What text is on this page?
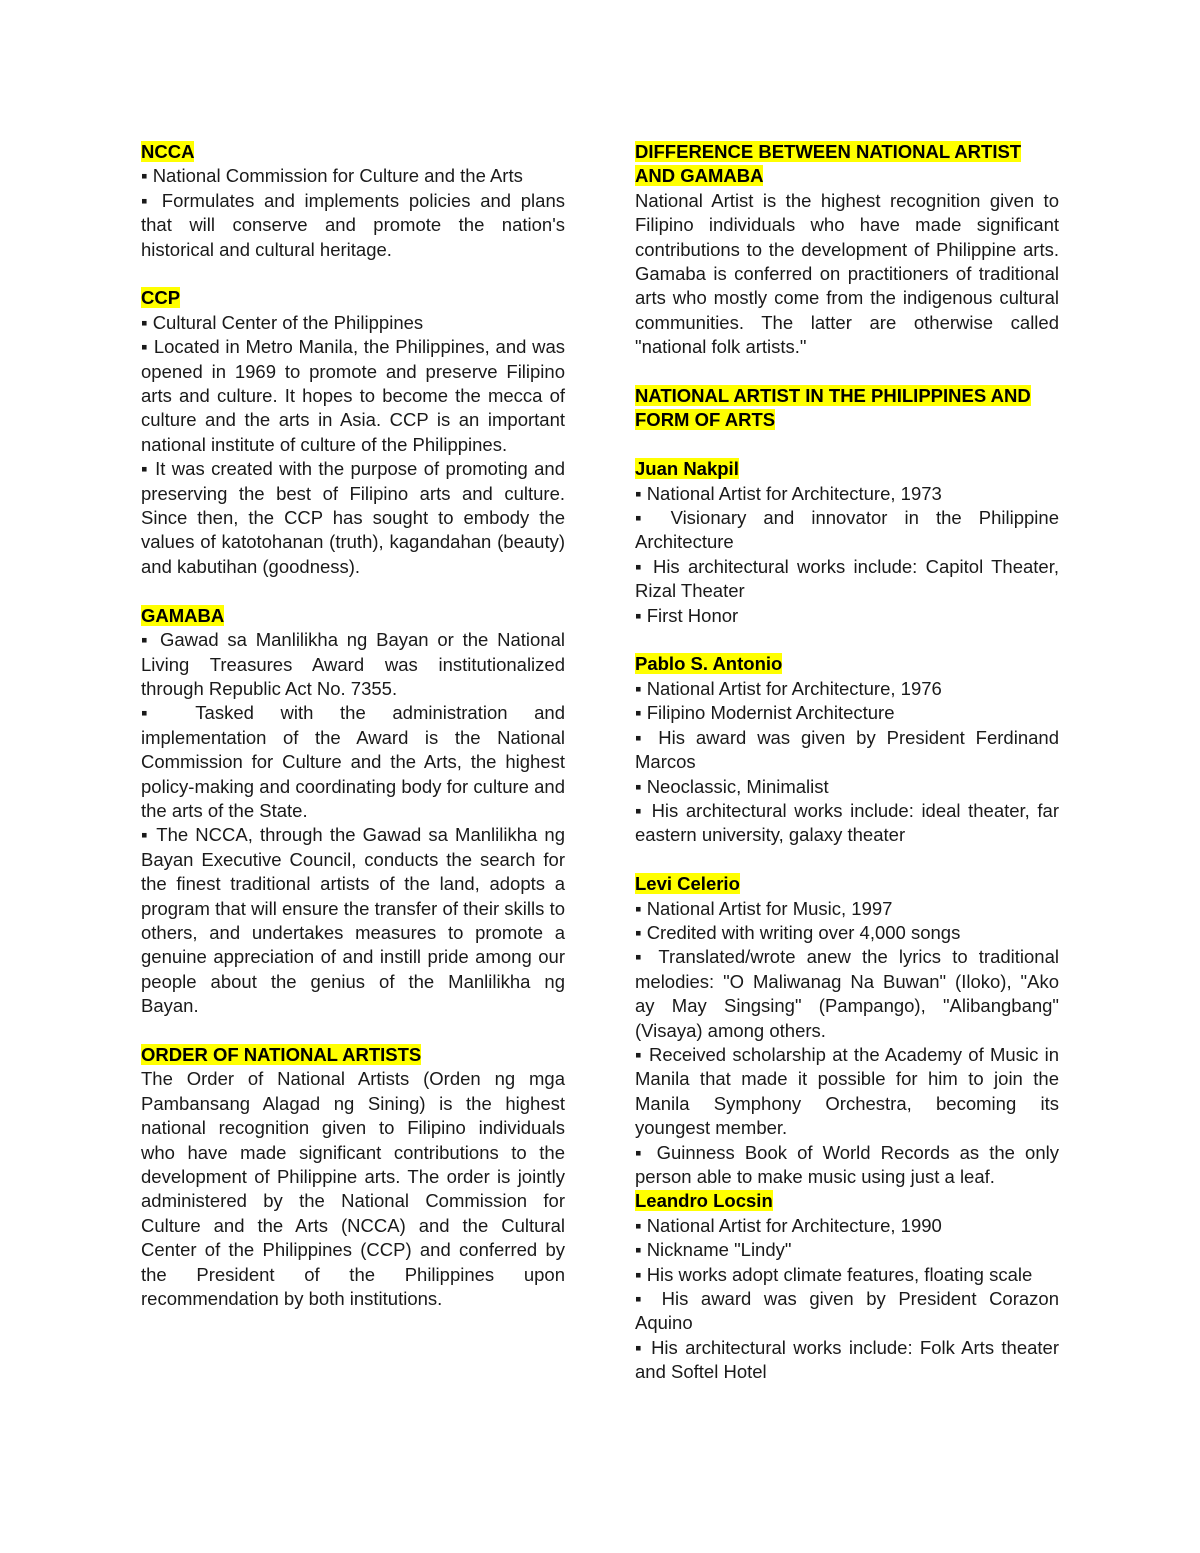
NCCA

▪ National Commission for Culture and the Arts

▪ Formulates and implements policies and plans that will conserve and promote the nation's historical and cultural heritage.

CCP

▪ Cultural Center of the Philippines

▪ Located in Metro Manila, the Philippines, and was opened in 1969 to promote and preserve Filipino arts and culture. It hopes to become the mecca of culture and the arts in Asia. CCP is an important national institute of culture of the Philippines.

▪ It was created with the purpose of promoting and preserving the best of Filipino arts and culture. Since then, the CCP has sought to embody the values of katotohanan (truth), kagandahan (beauty) and kabutihan (goodness).

GAMABA

▪ Gawad sa Manlilikha ng Bayan or the National Living Treasures Award was institutionalized through Republic Act No. 7355.

▪ Tasked with the administration and implementation of the Award is the National Commission for Culture and the Arts, the highest policy-making and coordinating body for culture and the arts of the State.

▪ The NCCA, through the Gawad sa Manlilikha ng Bayan Executive Council, conducts the search for the finest traditional artists of the land, adopts a program that will ensure the transfer of their skills to others, and undertakes measures to promote a genuine appreciation of and instill pride among our people about the genius of the Manlilikha ng Bayan.

ORDER OF NATIONAL ARTISTS

The Order of National Artists (Orden ng mga Pambansang Alagad ng Sining) is the highest national recognition given to Filipino individuals who have made significant contributions to the development of Philippine arts. The order is jointly administered by the National Commission for Culture and the Arts (NCCA) and the Cultural Center of the Philippines (CCP) and conferred by the President of the Philippines upon recommendation by both institutions.

DIFFERENCE BETWEEN NATIONAL ARTIST AND GAMABA

National Artist is the highest recognition given to Filipino individuals who have made significant contributions to the development of Philippine arts. Gamaba is conferred on practitioners of traditional arts who mostly come from the indigenous cultural communities. The latter are otherwise called "national folk artists."

NATIONAL ARTIST IN THE PHILIPPINES AND FORM OF ARTS
Juan Nakpil

▪ National Artist for Architecture, 1973

▪ Visionary and innovator in the Philippine Architecture

▪ His architectural works include: Capitol Theater, Rizal Theater

▪ First Honor

Pablo S. Antonio

▪ National Artist for Architecture, 1976

▪ Filipino Modernist Architecture

▪ His award was given by President Ferdinand Marcos

▪ Neoclassic, Minimalist

▪ His architectural works include: ideal theater, far eastern university, galaxy theater

Levi Celerio

▪ National Artist for Music, 1997

▪ Credited with writing over 4,000 songs

▪ Translated/wrote anew the lyrics to traditional melodies: "O Maliwanag Na Buwan" (Iloko), "Ako ay May Singsing" (Pampango), "Alibangbang" (Visaya) among others.

▪ Received scholarship at the Academy of Music in Manila that made it possible for him to join the Manila Symphony Orchestra, becoming its youngest member.

▪ Guinness Book of World Records as the only person able to make music using just a leaf.

Leandro Locsin

▪ National Artist for Architecture, 1990

▪ Nickname "Lindy"

▪ His works adopt climate features, floating scale

▪ His award was given by President Corazon Aquino

▪ His architectural works include: Folk Arts theater and Softel Hotel
